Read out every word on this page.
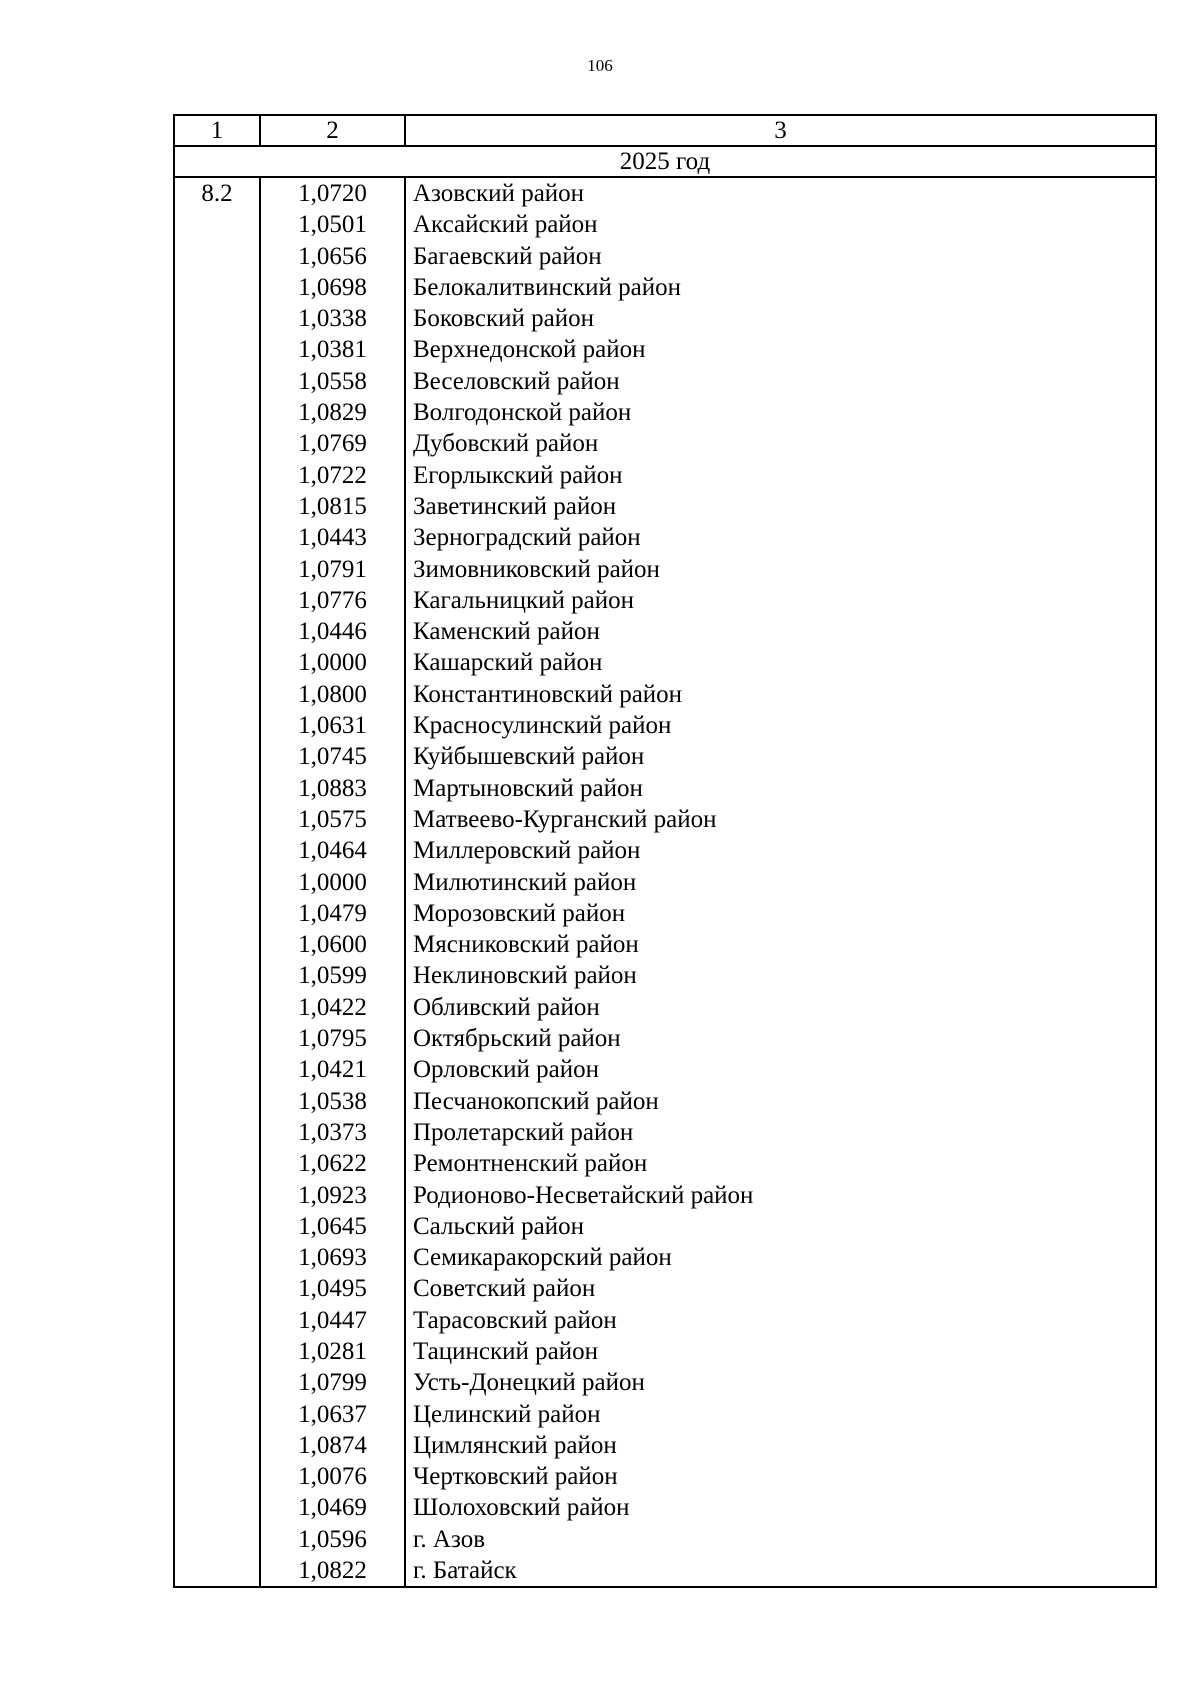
106
1	2	3
2025 год		
8.2	1,0720	Азовский район
	1,0501	Аксайский район
	1,0656	Багаевский район
	1,0698	Белокалитвинский район
	1,0338	Боковский район
	1,0381	Верхнедонской район
	1,0558	Веселовский район
	1,0829	Волгодонской район
	1,0769	Дубовский район
	1,0722	Егорлыкский район
	1,0815	Заветинский район
	1,0443	Зерноградский район
	1,0791	Зимовниковский район
	1,0776	Кагальницкий район
	1,0446	Каменский район
	1,0000	Кашарский район
	1,0800	Константиновский район
	1,0631	Красносулинский район
	1,0745	Куйбышевский район
	1,0883	Мартыновский район
	1,0575	Матвеево-Курганский район
	1,0464	Миллеровский район
	1,0000	Милютинский район
	1,0479	Морозовский район
	1,0600	Мясниковский район
	1,0599	Неклиновский район
	1,0422	Обливский район
	1,0795	Октябрьский район
	1,0421	Орловский район
	1,0538	Песчанокопский район
	1,0373	Пролетарский район
	1,0622	Ремонтненский район
	1,0923	Родионово-Несветайский район
	1,0645	Сальский район
	1,0693	Семикаракорский район
	1,0495	Советский район
	1,0447	Тарасовский район
	1,0281	Тацинский район
	1,0799	Усть-Донецкий район
	1,0637	Целинский район
	1,0874	Цимлянский район
	1,0076	Чертковский район
	1,0469	Шолоховский район
	1,0596	г. Азов
	1,0822	г. Батайск
